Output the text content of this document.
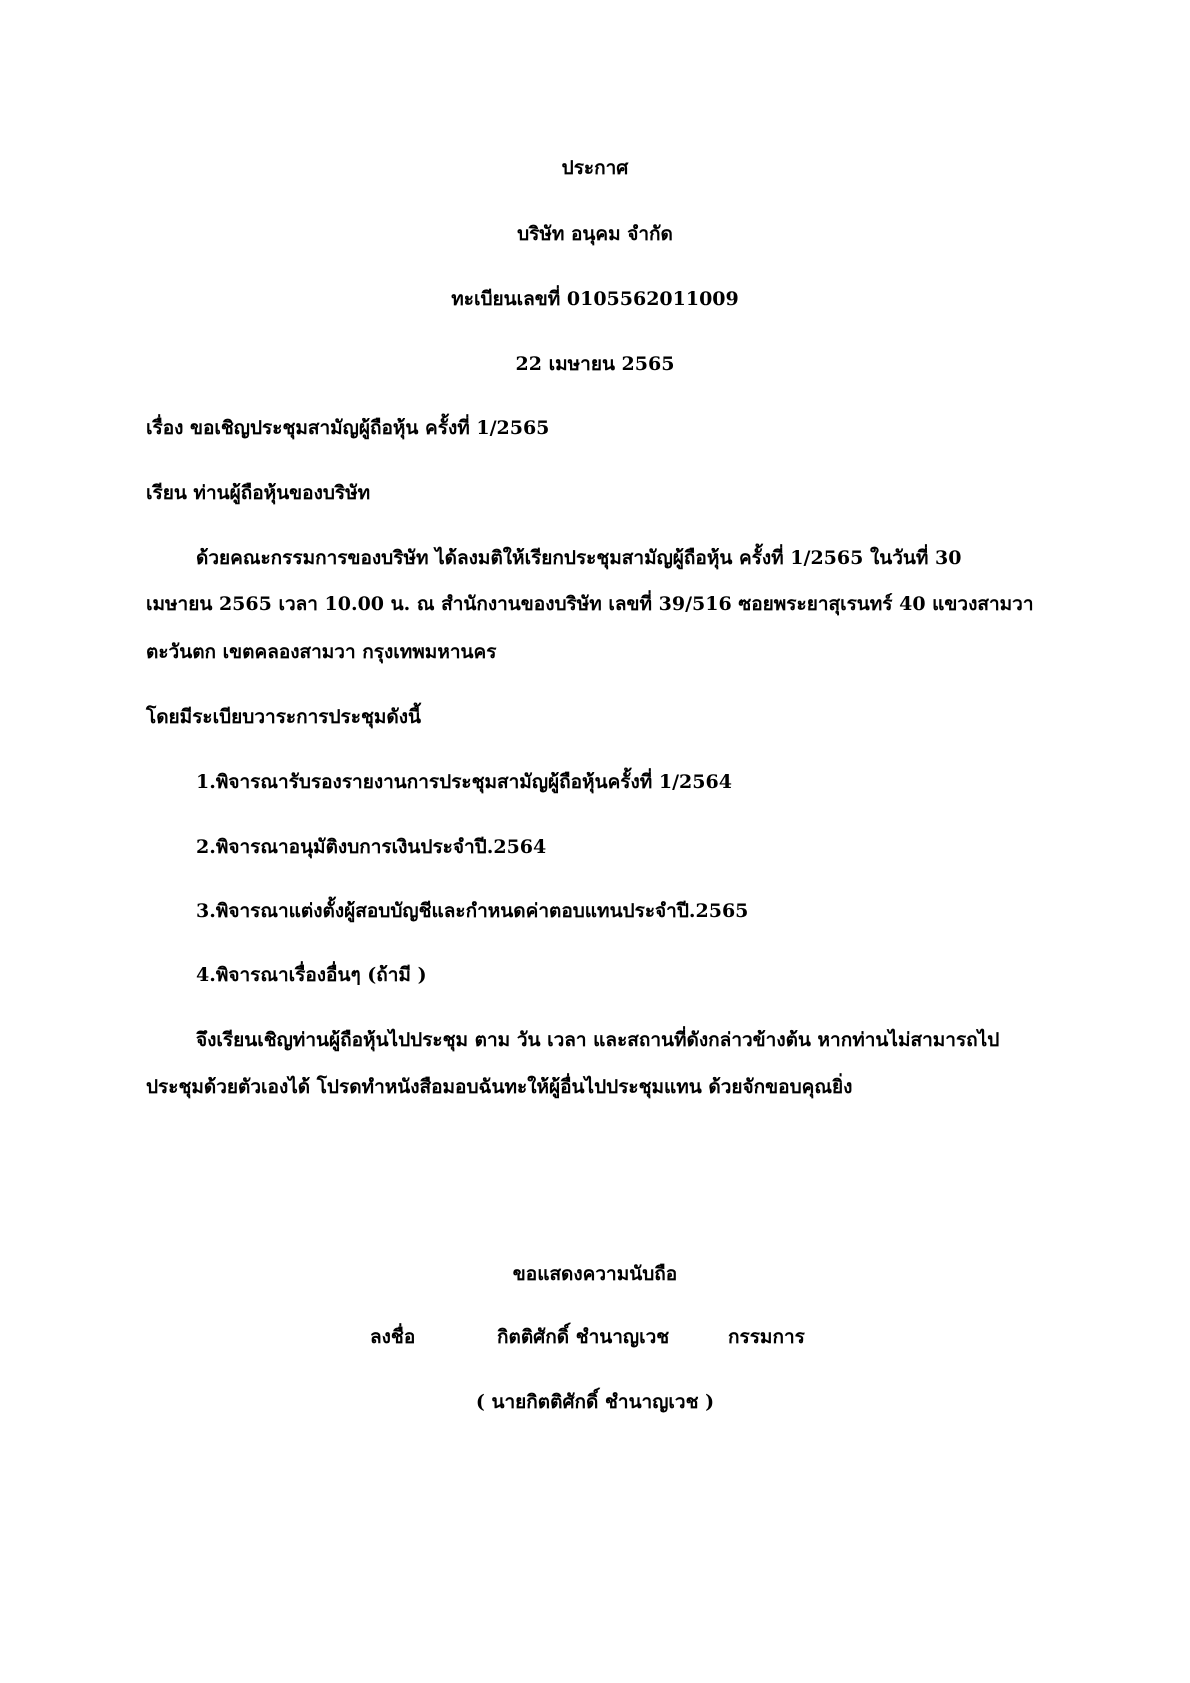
ประกาศ
บริษัท อนุคม จำกัด
ทะเบียนเลขที่ 0105562011009
22 เมษายน 2565
เรื่อง ขอเชิญประชุมสามัญผู้ถือหุ้น ครั้งที่ 1/2565
เรียน ท่านผู้ถือหุ้นของบริษัท
ด้วยคณะกรรมการของบริษัท ได้ลงมติให้เรียกประชุมสามัญผู้ถือหุ้น ครั้งที่ 1/2565 ในวันที่ 30
เมษายน 2565 เวลา 10.00 น. ณ สำนักงานของบริษัท เลขที่ 39/516 ซอยพระยาสุเรนทร์ 40 แขวงสามวา
ตะวันตก เขตคลองสามวา กรุงเทพมหานคร
โดยมีระเบียบวาระการประชุมดังนี้
1.พิจารณารับรองรายงานการประชุมสามัญผู้ถือหุ้นครั้งที่ 1/2564
2.พิจารณาอนุมัติงบการเงินประจำปี.2564
3.พิจารณาแต่งตั้งผู้สอบบัญชีและกำหนดค่าตอบแทนประจำปี.2565
4.พิจารณาเรื่องอื่นๆ (ถ้ามี )
จึงเรียนเชิญท่านผู้ถือหุ้นไปประชุม ตาม วัน เวลา และสถานที่ดังกล่าวข้างต้น หากท่านไม่สามารถไป
ประชุมด้วยตัวเองได้ โปรดทำหนังสือมอบฉันทะให้ผู้อื่นไปประชุมแทน ด้วยจักขอบคุณยิ่ง
ขอแสดงความนับถือ
ลงชื่อ	กิตติศักดิ์ ชำนาญเวช	กรรมการ
( นายกิตติศักดิ์ ชำนาญเวช )
